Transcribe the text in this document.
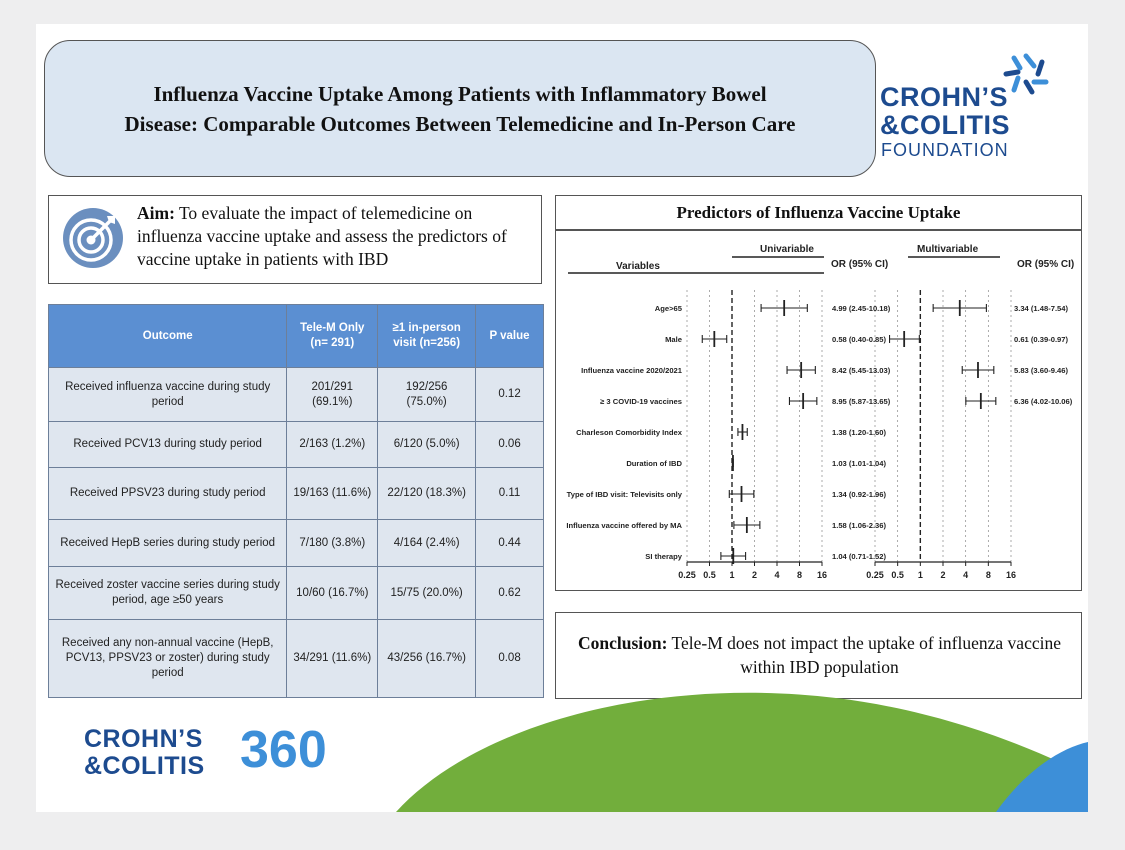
Influenza Vaccine Uptake Among Patients with Inflammatory Bowel
Disease: Comparable Outcomes Between Telemedicine and In-Person Care
CROHN’S
&COLITIS
FOUNDATION
Aim: To evaluate the impact of telemedicine on influenza vaccine uptake and assess the predictors of vaccine uptake in patients with IBD
Outcome	Tele-M Only (n= 291)	≥1 in-person visit (n=256)	P value
Received influenza vaccine during study period	201/291 (69.1%)	192/256 (75.0%)	0.12
Received PCV13 during study period	2/163 (1.2%)	6/120 (5.0%)	0.06
Received PPSV23 during study period	19/163 (11.6%)	22/120 (18.3%)	0.11
Received HepB series during study period	7/180 (3.8%)	4/164 (2.4%)	0.44
Received zoster vaccine series during study period, age ≥50 years	10/60 (16.7%)	15/75 (20.0%)	0.62
Received any non-annual vaccine (HepB, PCV13, PPSV23 or zoster) during study period	34/291 (11.6%)	43/256 (16.7%)	0.08
Predictors of Influenza Vaccine Uptake
Variables
Univariable	Multivariable
OR (95% CI)	OR (95% CI)
0.25 0.5 1 2 4 8 16	0.25 0.5 1 2 4 8 16
Age>65	4.99 (2.45-10.18)	3.34 (1.48-7.54)
Male	0.58 (0.40-0.85)	0.61 (0.39-0.97)
Influenza vaccine 2020/2021	8.42 (5.45-13.03)	5.83 (3.60-9.46)
≥ 3 COVID-19 vaccines	8.95 (5.87-13.65)	6.36 (4.02-10.06)
Charleson Comorbidity Index	1.38 (1.20-1.60)
Duration of IBD	1.03 (1.01-1.04)
Type of IBD visit: Televisits only	1.34 (0.92-1.96)
Influenza vaccine offered by MA	1.58 (1.06-2.36)
SI therapy	1.04 (0.71-1.52)
Conclusion: Tele-M does not impact the uptake of influenza vaccine within IBD population
CROHN’S
&COLITIS 360
